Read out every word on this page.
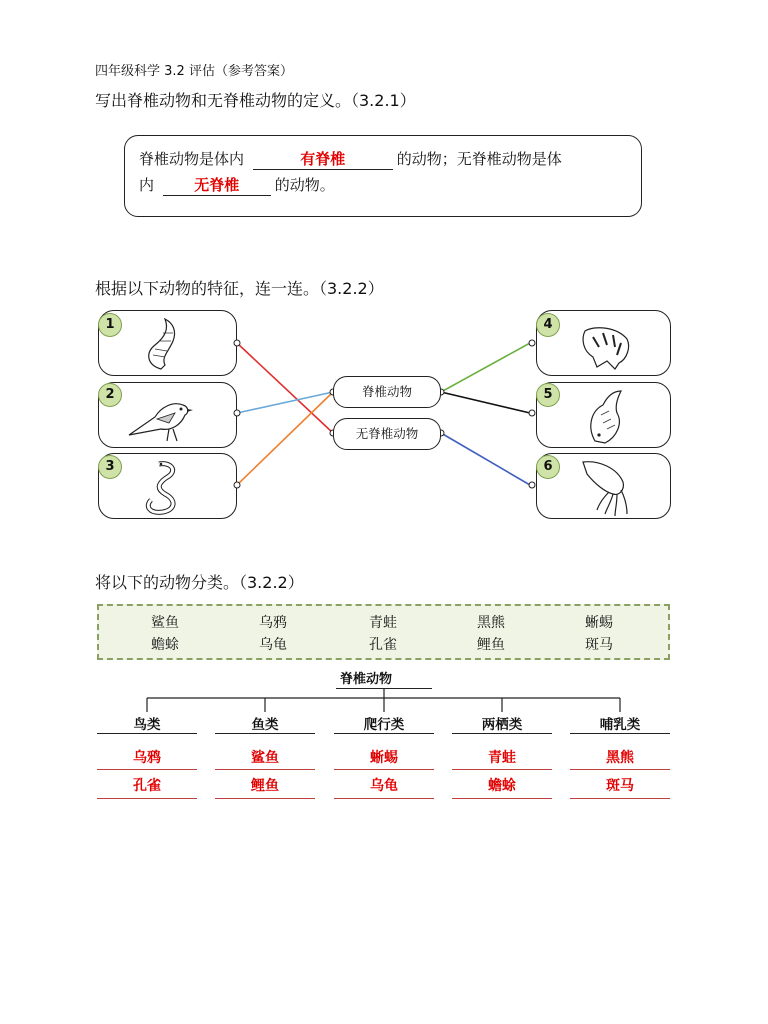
四年级科学 3.2 评估（参考答案）
写出脊椎动物和无脊椎动物的定义。（3.2.1）
脊椎动物是体内	有脊椎	的动物；无脊椎动物是体
内	无脊椎 的动物。
根据以下动物的特征，连一连。（3.2.2）
1
2
3
4
5
6
脊椎动物
无脊椎动物
将以下的动物分类。（3.2.2）
鲨鱼	乌鸦	青蛙	黑熊	蜥蜴
蟾蜍	乌龟	孔雀	鲤鱼	斑马
脊椎动物
鸟类	鱼类	爬行类	两栖类	哺乳类
乌鸦	鲨鱼	蜥蜴	青蛙	黑熊
孔雀	鲤鱼	乌龟	蟾蜍	斑马
